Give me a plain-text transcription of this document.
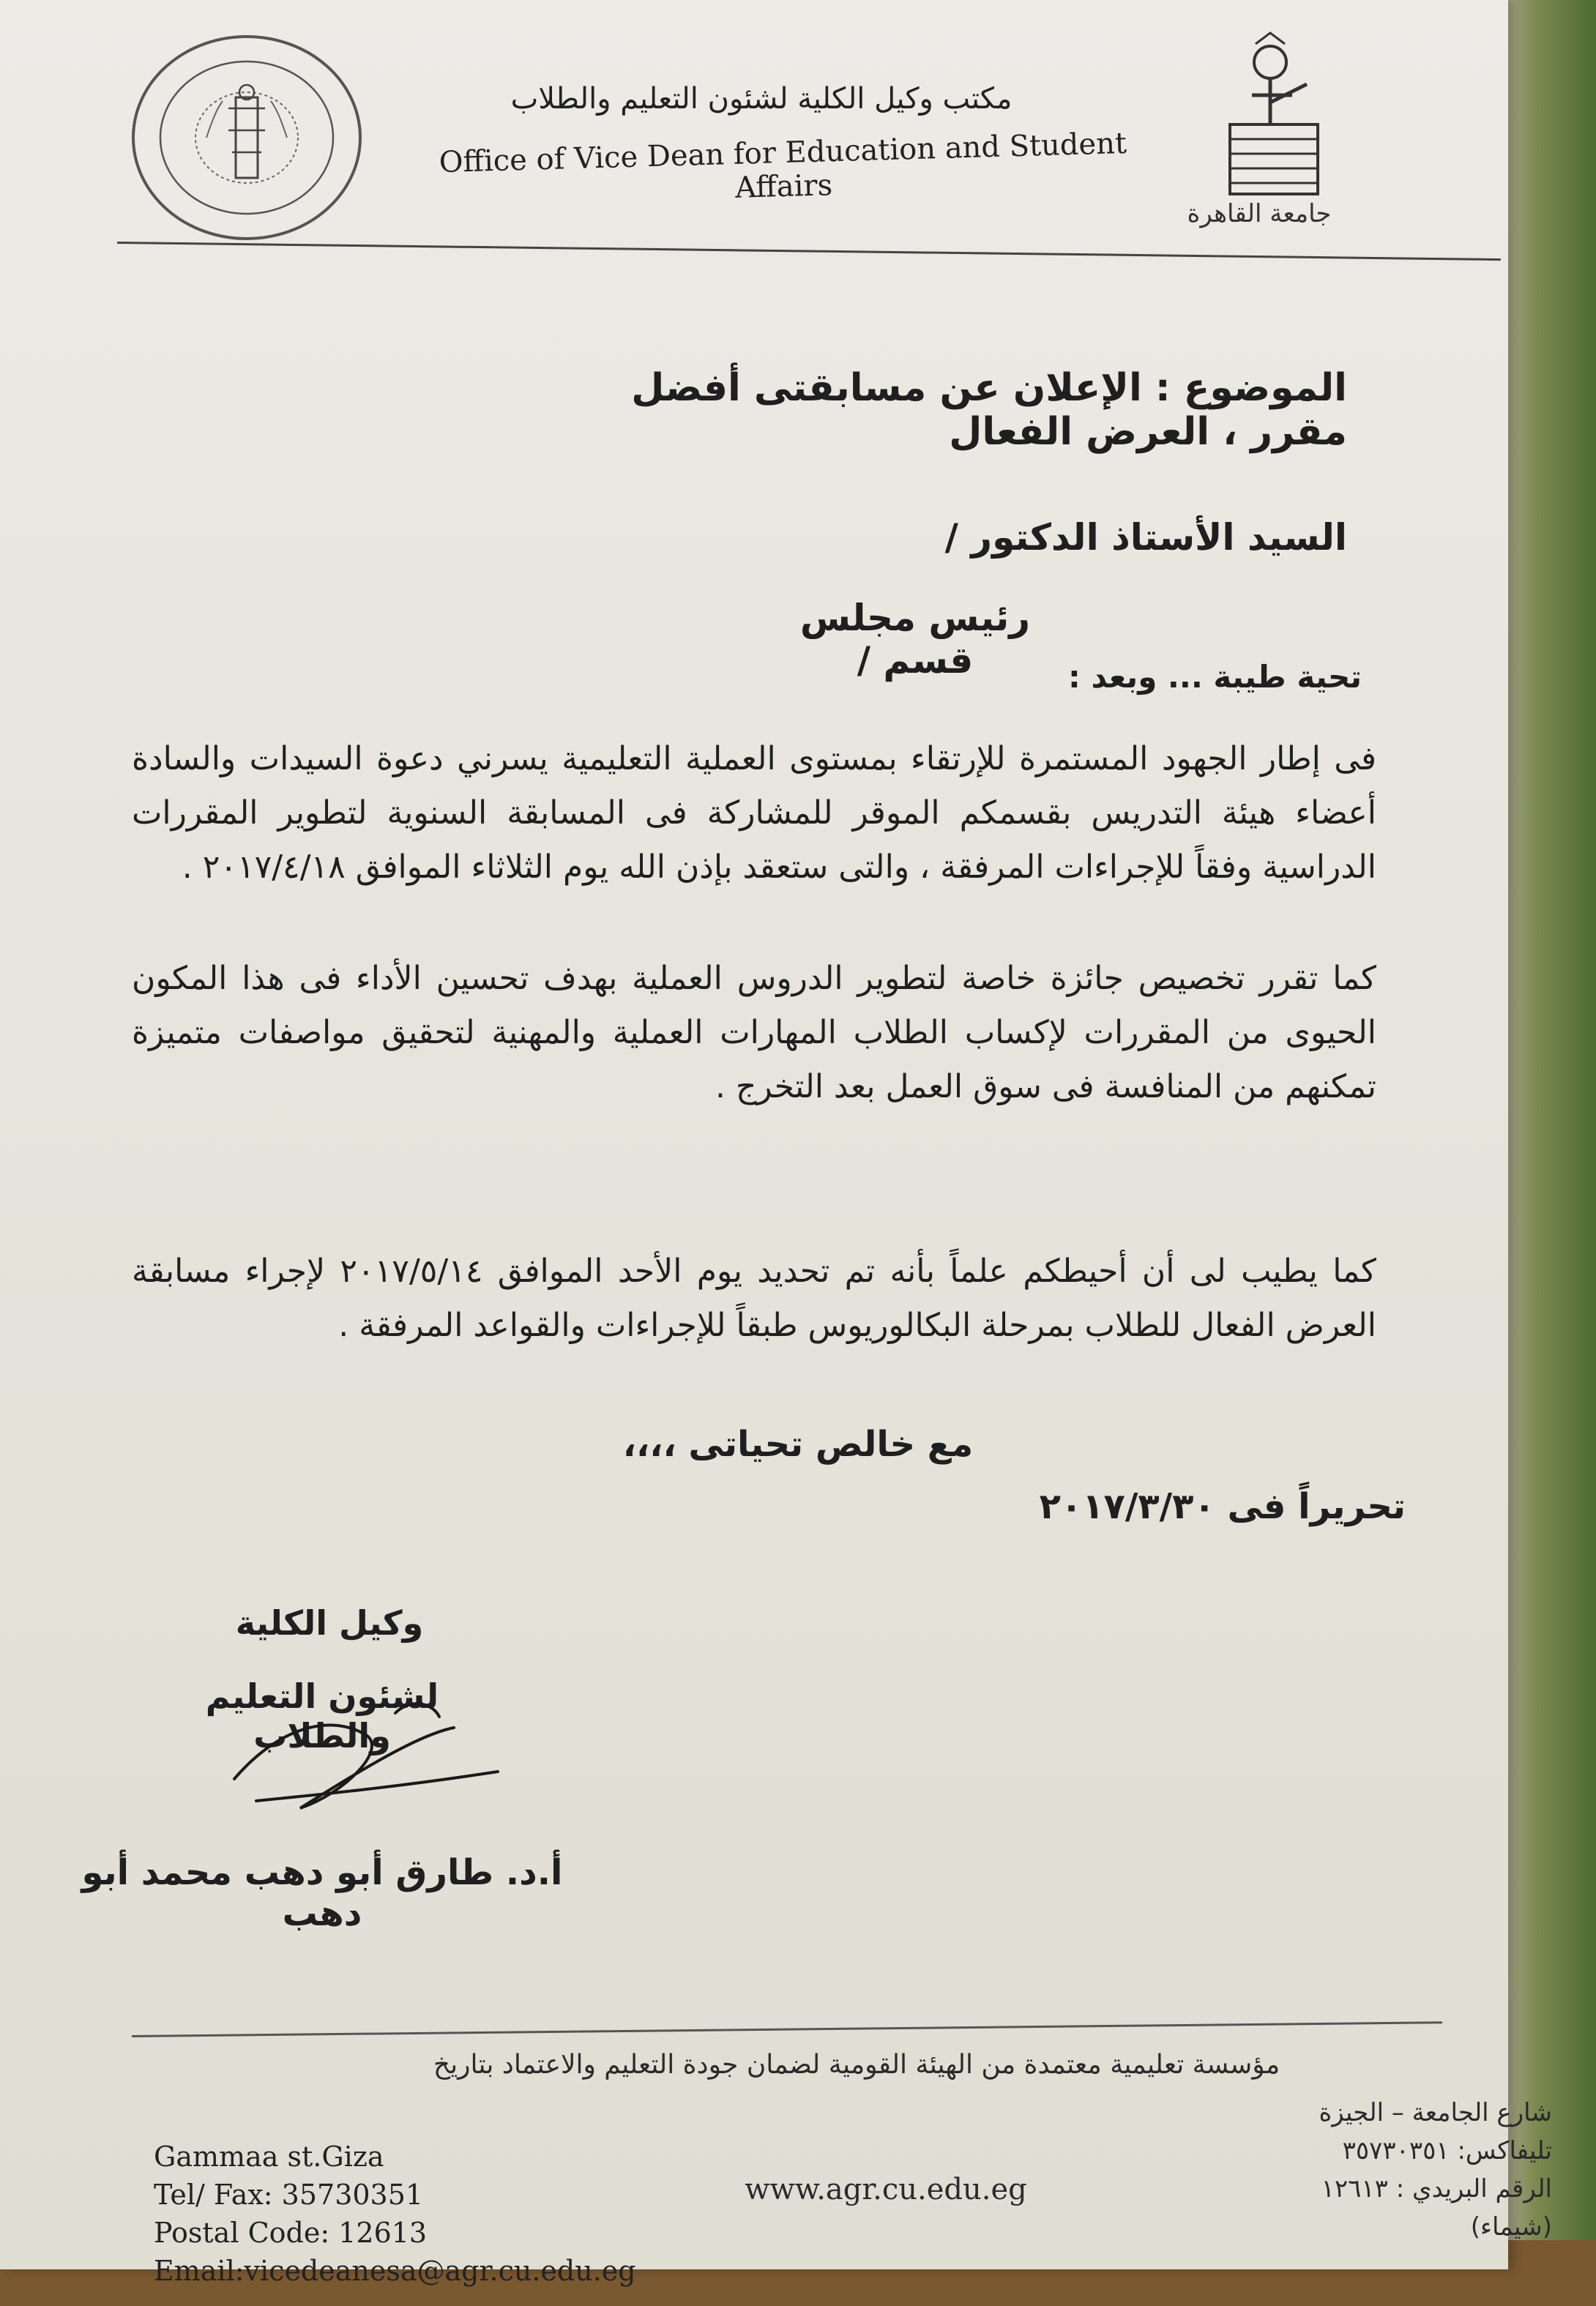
جامعة القاهرة
مكتب وكيل الكلية لشئون التعليم والطلاب
Office of Vice Dean for Education and Student Affairs
الموضوع : الإعلان عن مسابقتى أفضل مقرر ، العرض الفعال
السيد الأستاذ الدكتور /
رئيس مجلس قسم /	تحية طيبة ... وبعد :
فى إطار الجهود المستمرة للإرتقاء بمستوى العملية التعليمية يسرني دعوة السيدات والسادة أعضاء هيئة التدريس بقسمكم الموقر للمشاركة فى المسابقة السنوية لتطوير المقررات الدراسية وفقاً للإجراءات المرفقة ، والتى ستعقد بإذن الله يوم الثلاثاء الموافق ٢٠١٧/٤/١٨ .
كما تقرر تخصيص جائزة خاصة لتطوير الدروس العملية بهدف تحسين الأداء فى هذا المكون الحيوى من المقررات لإكساب الطلاب المهارات العملية والمهنية لتحقيق مواصفات متميزة تمكنهم من المنافسة فى سوق العمل بعد التخرج .
كما يطيب لى أن أحيطكم علماً بأنه تم تحديد يوم الأحد الموافق ٢٠١٧/٥/١٤ لإجراء مسابقة العرض الفعال للطلاب بمرحلة البكالوريوس طبقاً للإجراءات والقواعد المرفقة .
مع خالص تحياتى ،،،،
تحريراً فى ٢٠١٧/٣/٣٠
وكيل الكلية
لشئون التعليم والطلاب
أ.د. طارق أبو دهب محمد أبو دهب
مؤسسة تعليمية معتمدة من الهيئة القومية لضمان جودة التعليم والاعتماد بتاريخ
شارع الجامعة – الجيزة
تليفاكس: ٣٥٧٣٠٣٥١
الرقم البريدي : ١٢٦١٣
(شيماء)
Gammaa st.Giza
Tel/ Fax: 35730351
Postal Code: 12613
Email:vicedeanesa@agr.cu.edu.eg
www.agr.cu.edu.eg
